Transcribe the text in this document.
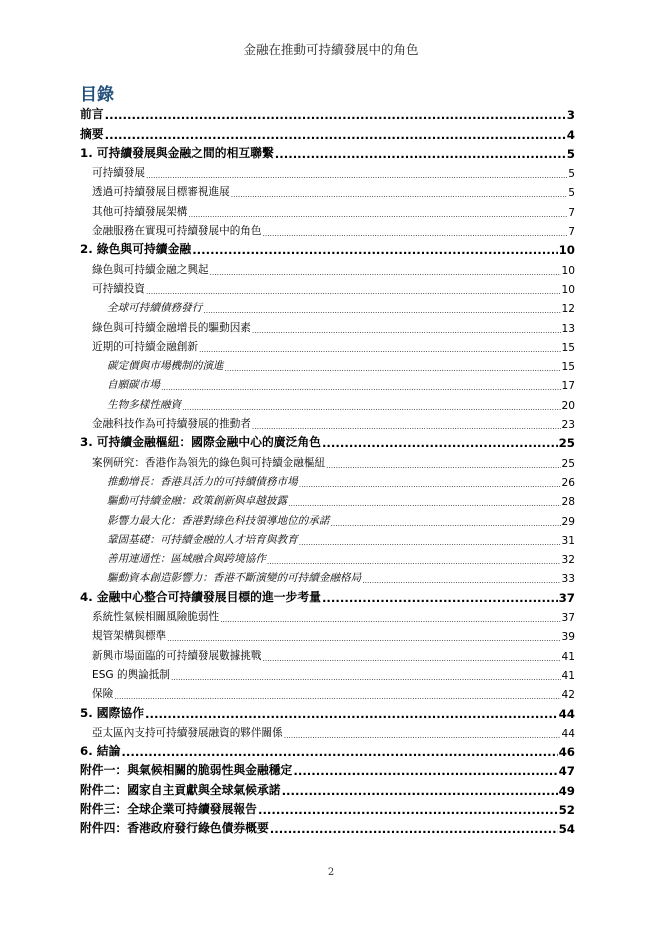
金融在推動可持續發展中的角色
目錄
前言 .....	3
摘要 .....	4
1. 可持續發展與金融之間的相互聯繫 .....	5
可持續發展 .....	5
透過可持續發展目標審視進展 .....	5
其他可持續發展架構 .....	7
金融服務在實現可持續發展中的角色 .....	7
2. 綠色與可持續金融 .....	10
綠色與可持續金融之興起 .....	10
可持續投資 .....	10
全球可持續債務發行 .....	12
綠色與可持續金融增長的驅動因素 .....	13
近期的可持續金融創新 .....	15
碳定價與市場機制的演進 .....	15
自願碳市場 .....	17
生物多樣性融資 .....	20
金融科技作為可持續發展的推動者 .....	23
3. 可持續金融樞紐：國際金融中心的廣泛角色 .....	25
案例研究：香港作為領先的綠色與可持續金融樞紐 .....	25
推動增長：香港具活力的可持續債務市場 .....	26
驅動可持續金融：政策創新與卓越披露 .....	28
影響力最大化：香港對綠色科技領導地位的承諾 .....	29
鞏固基礎：可持續金融的人才培育與教育 .....	31
善用連通性：區域融合與跨境協作 .....	32
驅動資本創造影響力：香港不斷演變的可持續金融格局 .....	33
4. 金融中心整合可持續發展目標的進一步考量 .....	37
系統性氣候相關風險脆弱性 .....	37
規管架構與標準 .....	39
新興市場面臨的可持續發展數據挑戰 .....	41
ESG 的輿論抵制 .....	41
保險 .....	42
5. 國際協作 .....	44
亞太區內支持可持續發展融資的夥伴關係 .....	44
6. 結論 .....	46
附件一：與氣候相關的脆弱性與金融穩定 .....	47
附件二：國家自主貢獻與全球氣候承諾 .....	49
附件三：全球企業可持續發展報告 .....	52
附件四：香港政府發行綠色債券概要 .....	54
2
